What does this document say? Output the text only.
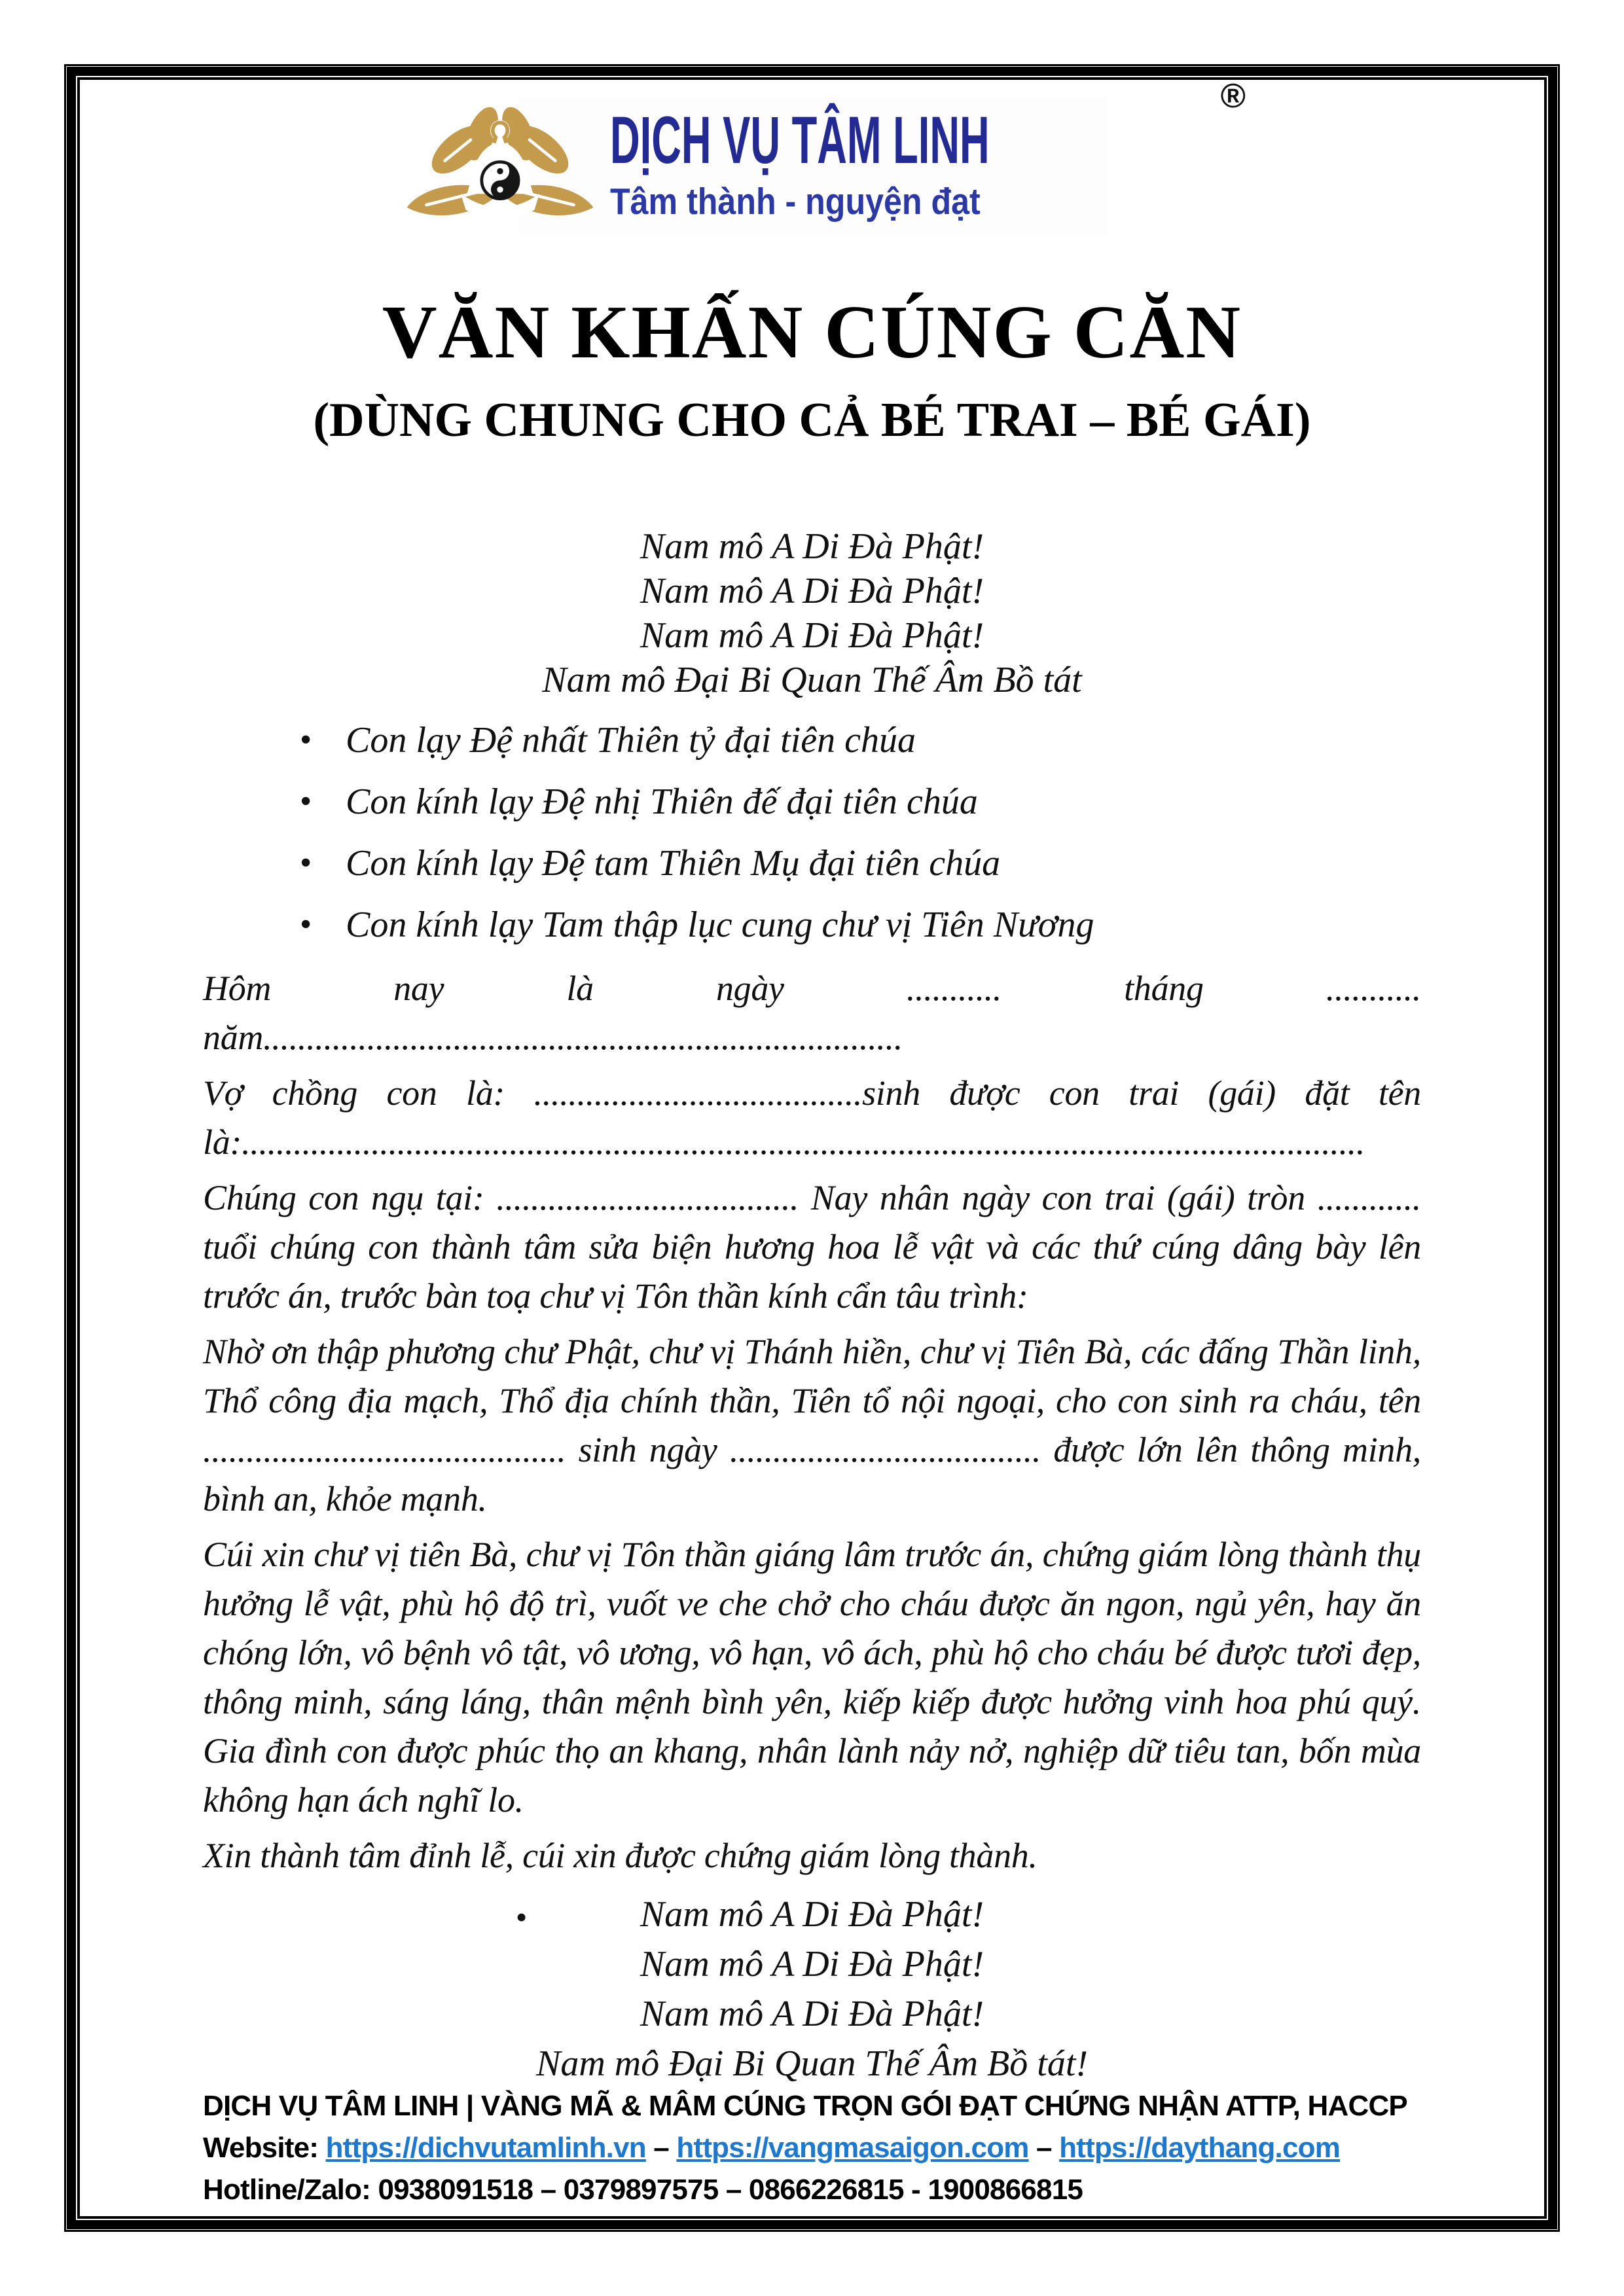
®
DỊCH VỤ TÂM LINH
Tâm thành - nguyện đạt
VĂN KHẤN CÚNG CĂN
(DÙNG CHUNG CHO CẢ BÉ TRAI – BÉ GÁI)
Nam mô A Di Đà Phật!
Nam mô A Di Đà Phật!
Nam mô A Di Đà Phật!
Nam mô Đại Bi Quan Thế Âm Bồ tát
• Con lạy Đệ nhất Thiên tỷ đại tiên chúa
• Con kính lạy Đệ nhị Thiên đế đại tiên chúa
• Con kính lạy Đệ tam Thiên Mụ đại tiên chúa
• Con kính lạy Tam thập lục cung chư vị Tiên Nương

Hôm nay là ngày ........... tháng ........... năm..........................................................................

Vợ chồng con là: ......................................sinh được con trai (gái) đặt tên là:..................................................................................................................................

Chúng con ngụ tại: ................................... Nay nhân ngày con trai (gái) tròn ............ tuổi chúng con thành tâm sửa biện hương hoa lễ vật và các thứ cúng dâng bày lên trước án, trước bàn toạ chư vị Tôn thần kính cẩn tâu trình:

Nhờ ơn thập phương chư Phật, chư vị Thánh hiền, chư vị Tiên Bà, các đấng Thần linh, Thổ công địa mạch, Thổ địa chính thần, Tiên tổ nội ngoại, cho con sinh ra cháu, tên .......................................... sinh ngày .................................... được lớn lên thông minh, bình an, khỏe mạnh.

Cúi xin chư vị tiên Bà, chư vị Tôn thần giáng lâm trước án, chứng giám lòng thành thụ hưởng lễ vật, phù hộ độ trì, vuốt ve che chở cho cháu được ăn ngon, ngủ yên, hay ăn chóng lớn, vô bệnh vô tật, vô ương, vô hạn, vô ách, phù hộ cho cháu bé được tươi đẹp, thông minh, sáng láng, thân mệnh bình yên, kiếp kiếp được hưởng vinh hoa phú quý. Gia đình con được phúc thọ an khang, nhân lành nảy nở, nghiệp dữ tiêu tan, bốn mùa không hạn ách nghĩ lo.

Xin thành tâm đỉnh lễ, cúi xin được chứng giám lòng thành.

• Nam mô A Di Đà Phật!
Nam mô A Di Đà Phật!
Nam mô A Di Đà Phật!
Nam mô Đại Bi Quan Thế Âm Bồ tát!
DỊCH VỤ TÂM LINH | VÀNG MÃ & MÂM CÚNG TRỌN GÓI ĐẠT CHỨNG NHẬN ATTP, HACCP
Website: https://dichvutamlinh.vn – https://vangmasaigon.com – https://daythang.com
Hotline/Zalo: 0938091518 – 0379897575 – 0866226815 - 1900866815
